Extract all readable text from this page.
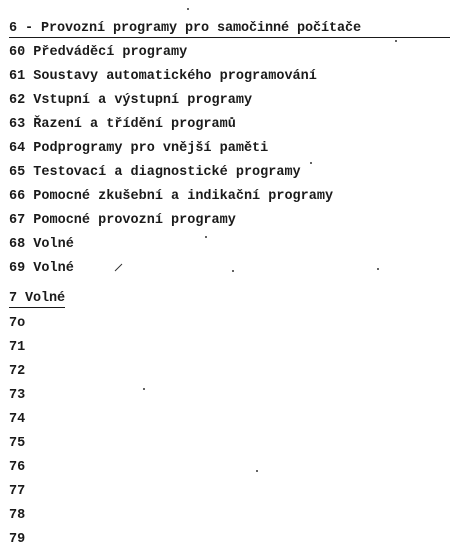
6 - Provozní programy pro samočinné počítače
60 Předváděcí programy
61 Soustavy automatického programování
62 Vstupní a výstupní programy
63 Řazení a třídění programů
64 Podprogramy pro vnější paměti
65 Testovací a diagnostické programy
66 Pomocné zkušební a indikační programy
67 Pomocné provozní programy
68 Volné
69 Volné
7 Volné
7o
71
72
73
74
75
76
77
78
79
